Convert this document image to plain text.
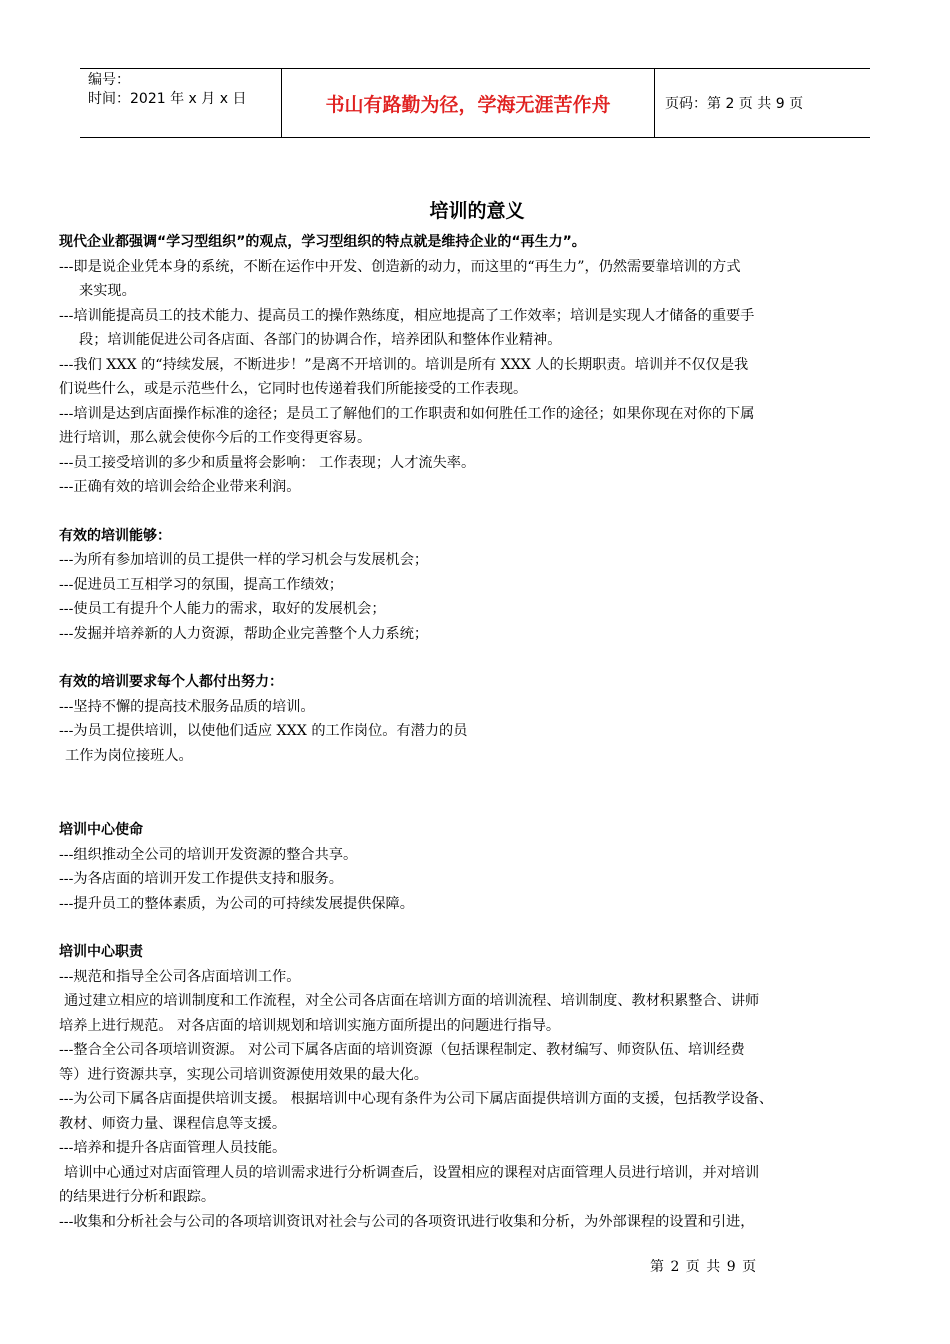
编号：
时间：2021 年 x 月 x 日	书山有路勤为径，学海无涯苦作舟	页码：第 2 页 共 9 页
培训的意义

现代企业都强调“学习型组织”的观点，学习型组织的特点就是维持企业的“再生力”。

---即是说企业凭本身的系统，不断在运作中开发、创造新的动力，而这里的“再生力”，仍然需要靠培训的方式

来实现。

---培训能提高员工的技术能力、提高员工的操作熟练度，相应地提高了工作效率；培训是实现人才储备的重要手

段；培训能促进公司各店面、各部门的协调合作，培养团队和整体作业精神。

---我们 XXX 的“持续发展，不断进步！”是离不开培训的。培训是所有 XXX 人的长期职责。培训并不仅仅是我

们说些什么，或是示范些什么，它同时也传递着我们所能接受的工作表现。

---培训是达到店面操作标准的途径；是员工了解他们的工作职责和如何胜任工作的途径；如果你现在对你的下属

进行培训，那么就会使你今后的工作变得更容易。

---员工接受培训的多少和质量将会影响： 工作表现；人才流失率。

---正确有效的培训会给企业带来利润。

有效的培训能够：

---为所有参加培训的员工提供一样的学习机会与发展机会；

---促进员工互相学习的氛围，提高工作绩效；

---使员工有提升个人能力的需求，取好的发展机会；

---发掘并培养新的人力资源，帮助企业完善整个人力系统；

有效的培训要求每个人都付出努力：

---坚持不懈的提高技术服务品质的培训。

---为员工提供培训，以使他们适应 XXX 的工作岗位。有潜力的员

工作为岗位接班人。

培训中心使命

---组织推动全公司的培训开发资源的整合共享。

---为各店面的培训开发工作提供支持和服务。

---提升员工的整体素质，为公司的可持续发展提供保障。

培训中心职责

---规范和指导全公司各店面培训工作。

通过建立相应的培训制度和工作流程，对全公司各店面在培训方面的培训流程、培训制度、教材积累整合、讲师

培养上进行规范。 对各店面的培训规划和培训实施方面所提出的问题进行指导。

---整合全公司各项培训资源。 对公司下属各店面的培训资源（包括课程制定、教材编写、师资队伍、培训经费

等）进行资源共享，实现公司培训资源使用效果的最大化。

---为公司下属各店面提供培训支援。 根据培训中心现有条件为公司下属店面提供培训方面的支援，包括教学设备、

教材、师资力量、课程信息等支援。

---培养和提升各店面管理人员技能。

培训中心通过对店面管理人员的培训需求进行分析调查后，设置相应的课程对店面管理人员进行培训，并对培训

的结果进行分析和跟踪。

---收集和分析社会与公司的各项培训资讯对社会与公司的各项资讯进行收集和分析，为外部课程的设置和引进，

第 2 页 共 9 页
